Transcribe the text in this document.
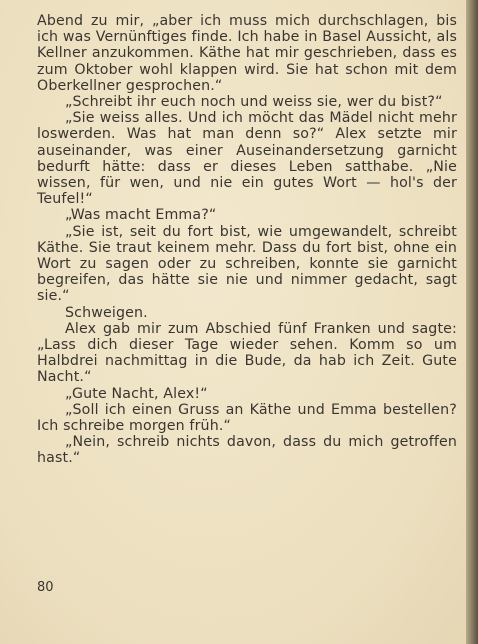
Abend zu mir, „aber ich muss mich durchschlagen, bis ich was Vernünftiges finde. Ich habe in Basel Aussicht, als Kellner anzukommen. Käthe hat mir geschrieben, dass es zum Oktober wohl klappen wird. Sie hat schon mit dem Oberkellner gesprochen.“

„Schreibt ihr euch noch und weiss sie, wer du bist?“

„Sie weiss alles. Und ich möcht das Mädel nicht mehr loswerden. Was hat man denn so?“ Alex setzte mir auseinander, was einer Auseinandersetzung garnicht bedurft hätte: dass er dieses Leben satthabe. „Nie wissen, für wen, und nie ein gutes Wort — hol's der Teufel!“

„Was macht Emma?“

„Sie ist, seit du fort bist, wie umgewandelt, schreibt Käthe. Sie traut keinem mehr. Dass du fort bist, ohne ein Wort zu sagen oder zu schreiben, konnte sie garnicht begreifen, das hätte sie nie und nimmer gedacht, sagt sie.“

Schweigen.

Alex gab mir zum Abschied fünf Franken und sagte: „Lass dich dieser Tage wieder sehen. Komm so um Halbdrei nachmittag in die Bude, da hab ich Zeit. Gute Nacht.“

„Gute Nacht, Alex!“

„Soll ich einen Gruss an Käthe und Emma bestellen? Ich schreibe morgen früh.“

„Nein, schreib nichts davon, dass du mich getroffen hast.“

80
